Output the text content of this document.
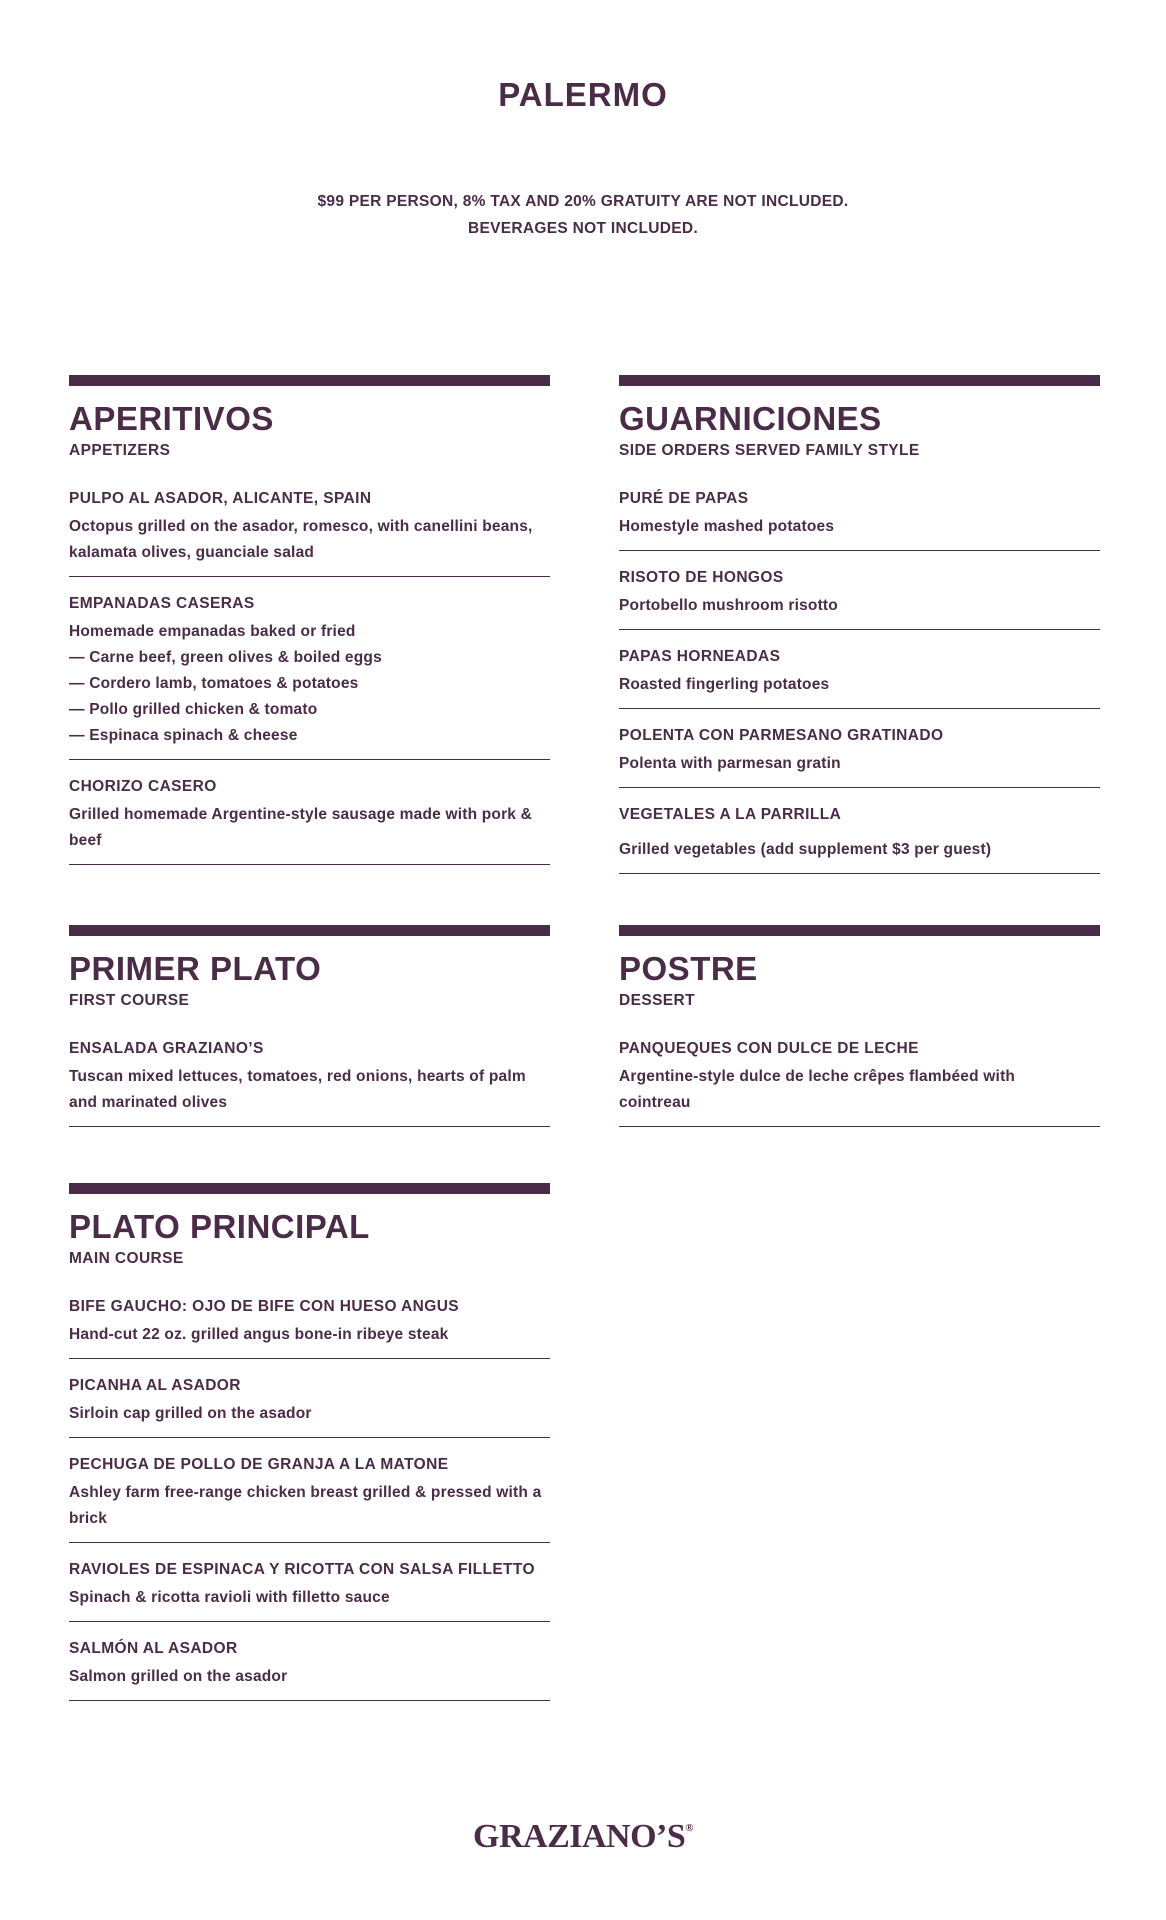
PALERMO
$99 PER PERSON, 8% TAX AND 20% GRATUITY ARE NOT INCLUDED.
BEVERAGES NOT INCLUDED.
APERITIVOS
APPETIZERS
PULPO AL ASADOR, ALICANTE, SPAIN
Octopus grilled on the asador, romesco, with canellini beans, kalamata olives, guanciale salad
EMPANADAS CASERAS
Homemade empanadas baked or fried
— Carne beef, green olives & boiled eggs
— Cordero lamb, tomatoes & potatoes
— Pollo grilled chicken & tomato
— Espinaca spinach & cheese
CHORIZO CASERO
Grilled homemade Argentine-style sausage made with pork & beef
GUARNICIONES
SIDE ORDERS SERVED FAMILY STYLE
PURÉ DE PAPAS
Homestyle mashed potatoes
RISOTO DE HONGOS
Portobello mushroom risotto
PAPAS HORNEADAS
Roasted fingerling potatoes
POLENTA CON PARMESANO GRATINADO
Polenta with parmesan gratin
VEGETALES A LA PARRILLA
Grilled vegetables (add supplement $3 per guest)
PRIMER PLATO
FIRST COURSE
ENSALADA GRAZIANO’S
Tuscan mixed lettuces, tomatoes, red onions, hearts of palm and marinated olives
POSTRE
DESSERT
PANQUEQUES CON DULCE DE LECHE
Argentine-style dulce de leche crêpes flambéed with cointreau
PLATO PRINCIPAL
MAIN COURSE
BIFE GAUCHO: OJO DE BIFE CON HUESO ANGUS
Hand-cut 22 oz. grilled angus bone-in ribeye steak
PICANHA AL ASADOR
Sirloin cap grilled on the asador
PECHUGA DE POLLO DE GRANJA A LA MATONE
Ashley farm free-range chicken breast grilled & pressed with a brick
RAVIOLES DE ESPINACA Y RICOTTA CON SALSA FILLETTO
Spinach & ricotta ravioli with filletto sauce
SALMÓN AL ASADOR
Salmon grilled on the asador
GRAZIANO’S®
